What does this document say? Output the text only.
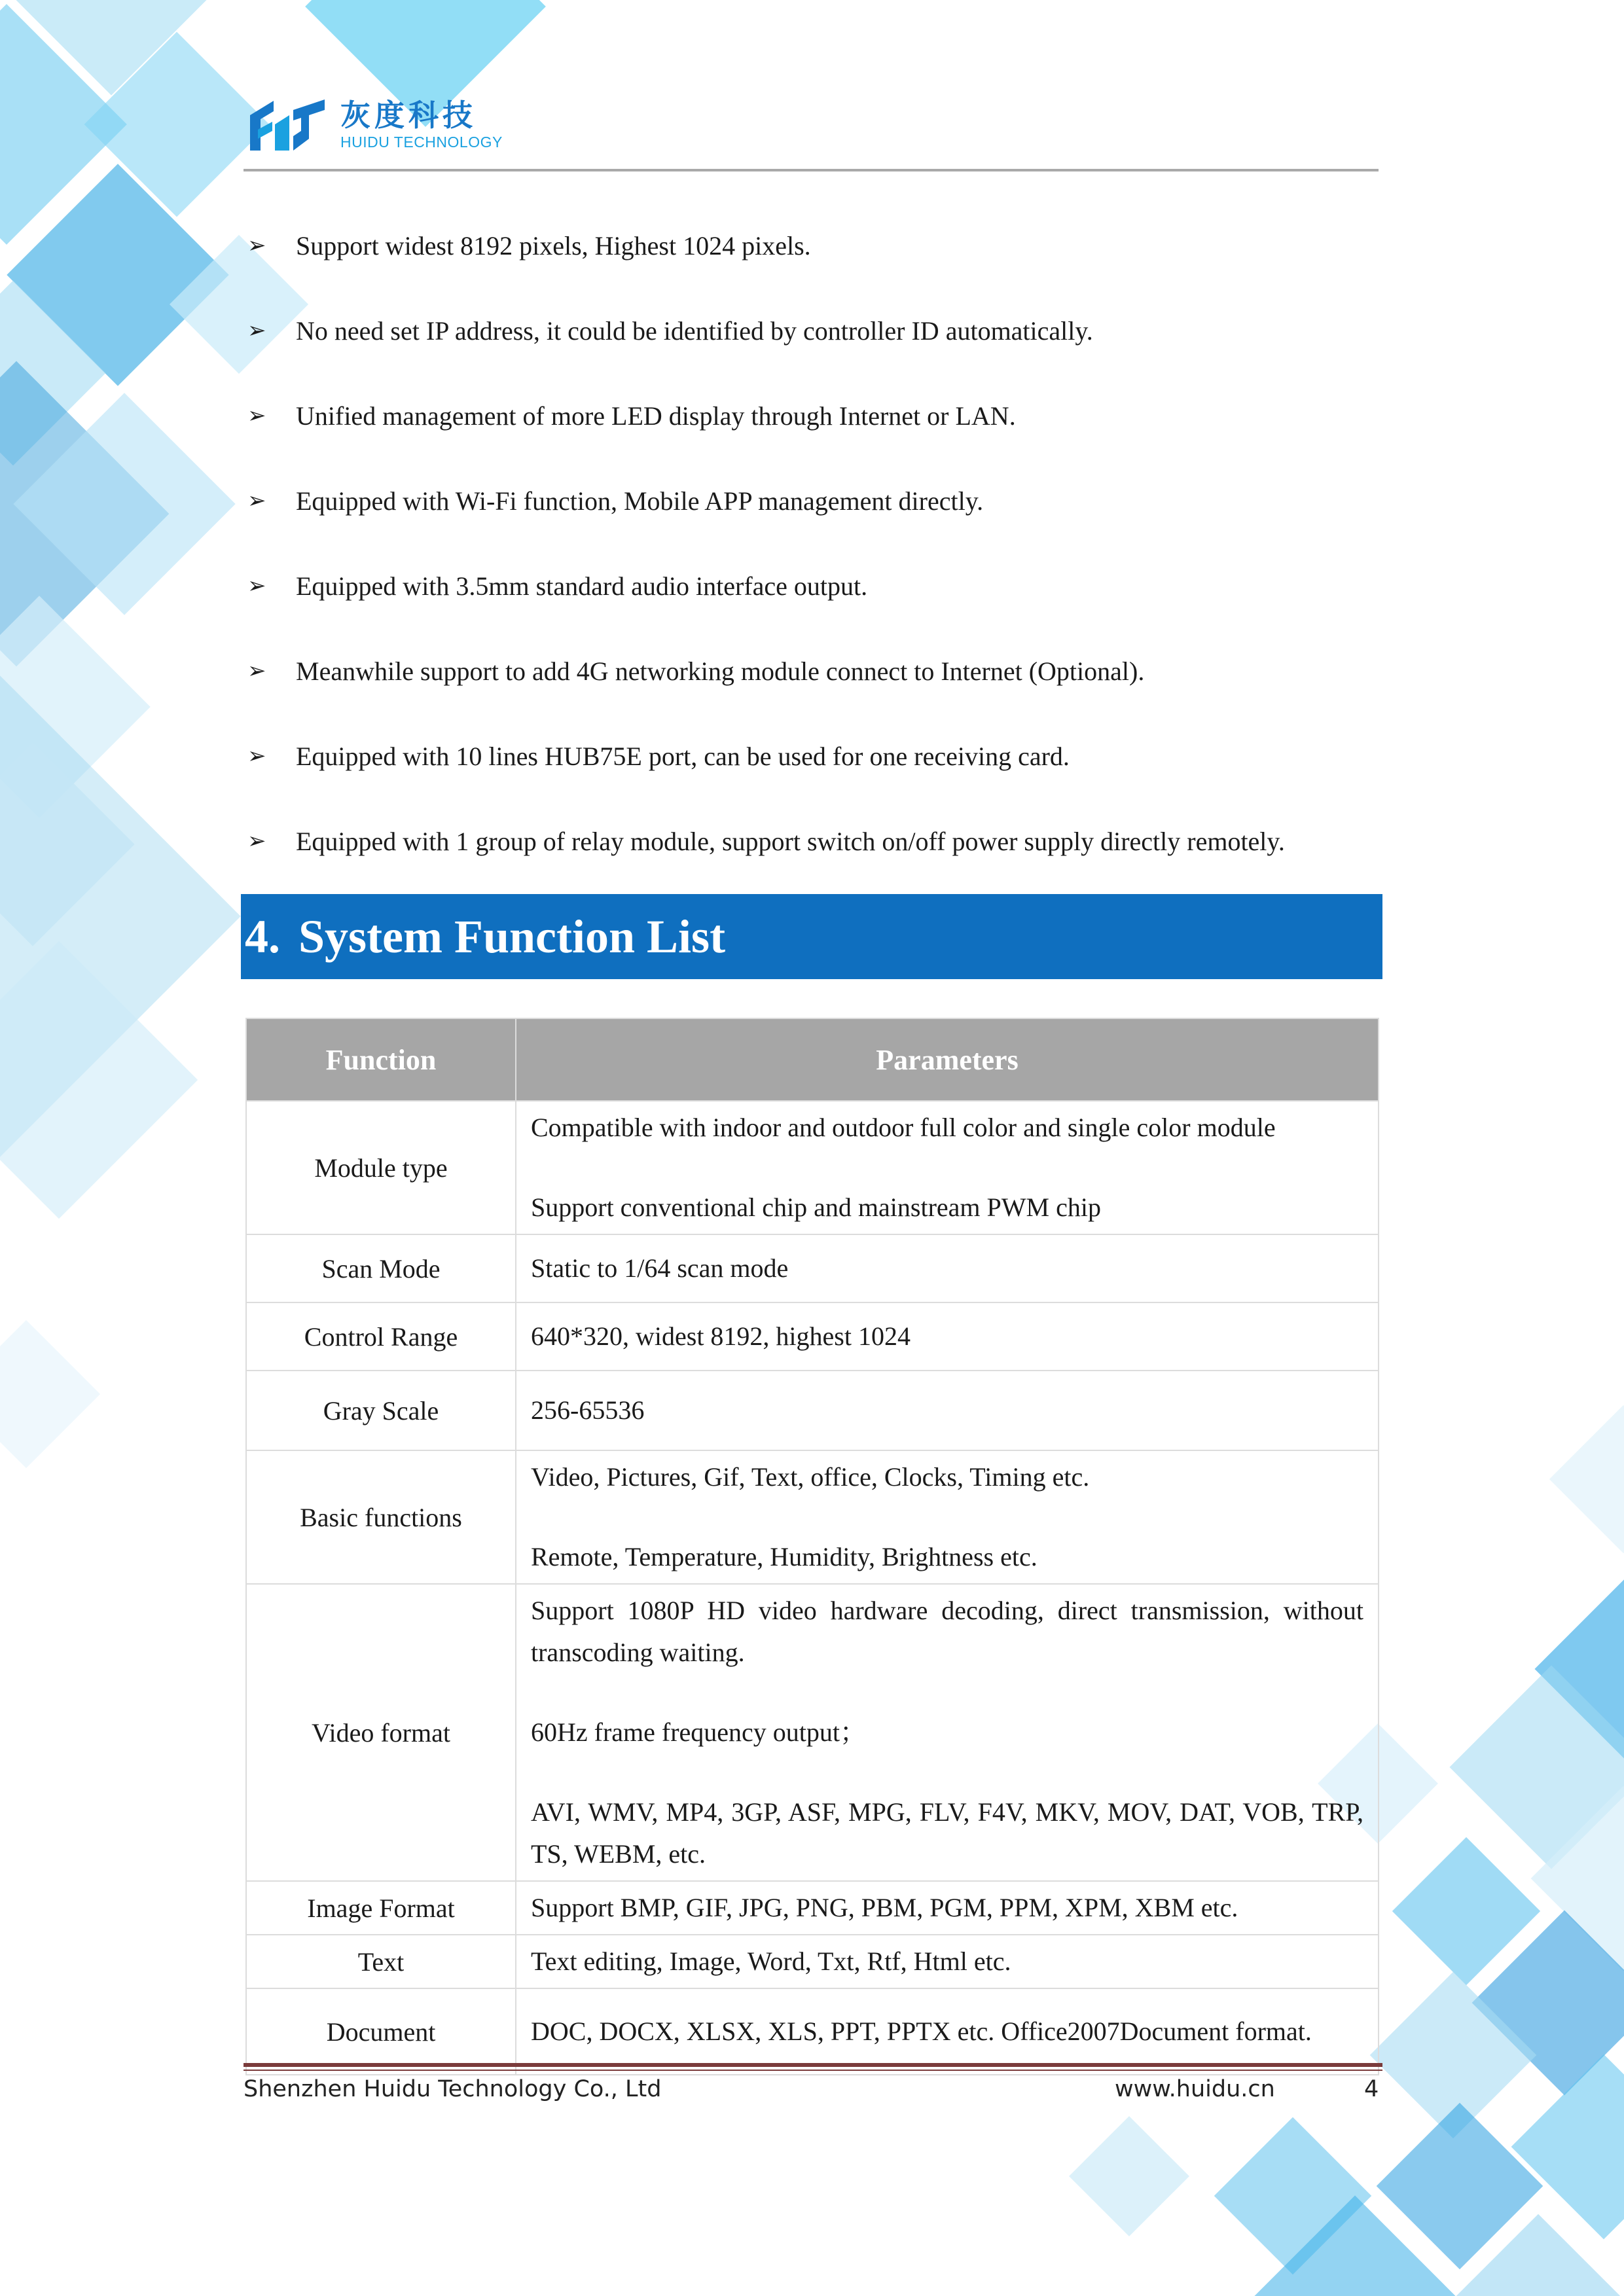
灰度科技
HUIDU TECHNOLOGY
➢	Support widest 8192 pixels, Highest 1024 pixels.
➢	No need set IP address, it could be identified by controller ID automatically.
➢	Unified management of more LED display through Internet or LAN.
➢	Equipped with Wi-Fi function, Mobile APP management directly.
➢	Equipped with 3.5mm standard audio interface output.
➢	Meanwhile support to add 4G networking module connect to Internet (Optional).
➢	Equipped with 10 lines HUB75E port, can be used for one receiving card.
➢	Equipped with 1 group of relay module, support switch on/off power supply directly remotely.
4. System Function List
Function	Parameters
Module type	Compatible with indoor and outdoor full color and single color module

Support conventional chip and mainstream PWM chip

Scan Mode	Static to 1/64 scan mode

Control Range	640*320, widest 8192, highest 1024

Gray Scale	256-65536

Basic functions	Video, Pictures, Gif, Text, office, Clocks, Timing etc.

Remote, Temperature, Humidity, Brightness etc.

Video format	Support 1080P HD video hardware decoding, direct transmission, without transcoding waiting.

60Hz frame frequency output；

AVI, WMV, MP4, 3GP, ASF, MPG, FLV, F4V, MKV, MOV, DAT, VOB, TRP, TS, WEBM, etc.

Image Format	Support BMP, GIF, JPG, PNG, PBM, PGM, PPM, XPM, XBM etc.

Text	Text editing, Image, Word, Txt, Rtf, Html etc.

Document	DOC, DOCX, XLSX, XLS, PPT, PPTX etc. Office2007Document format.

Shenzhen Huidu Technology Co., Ltd	www.huidu.cn	4
